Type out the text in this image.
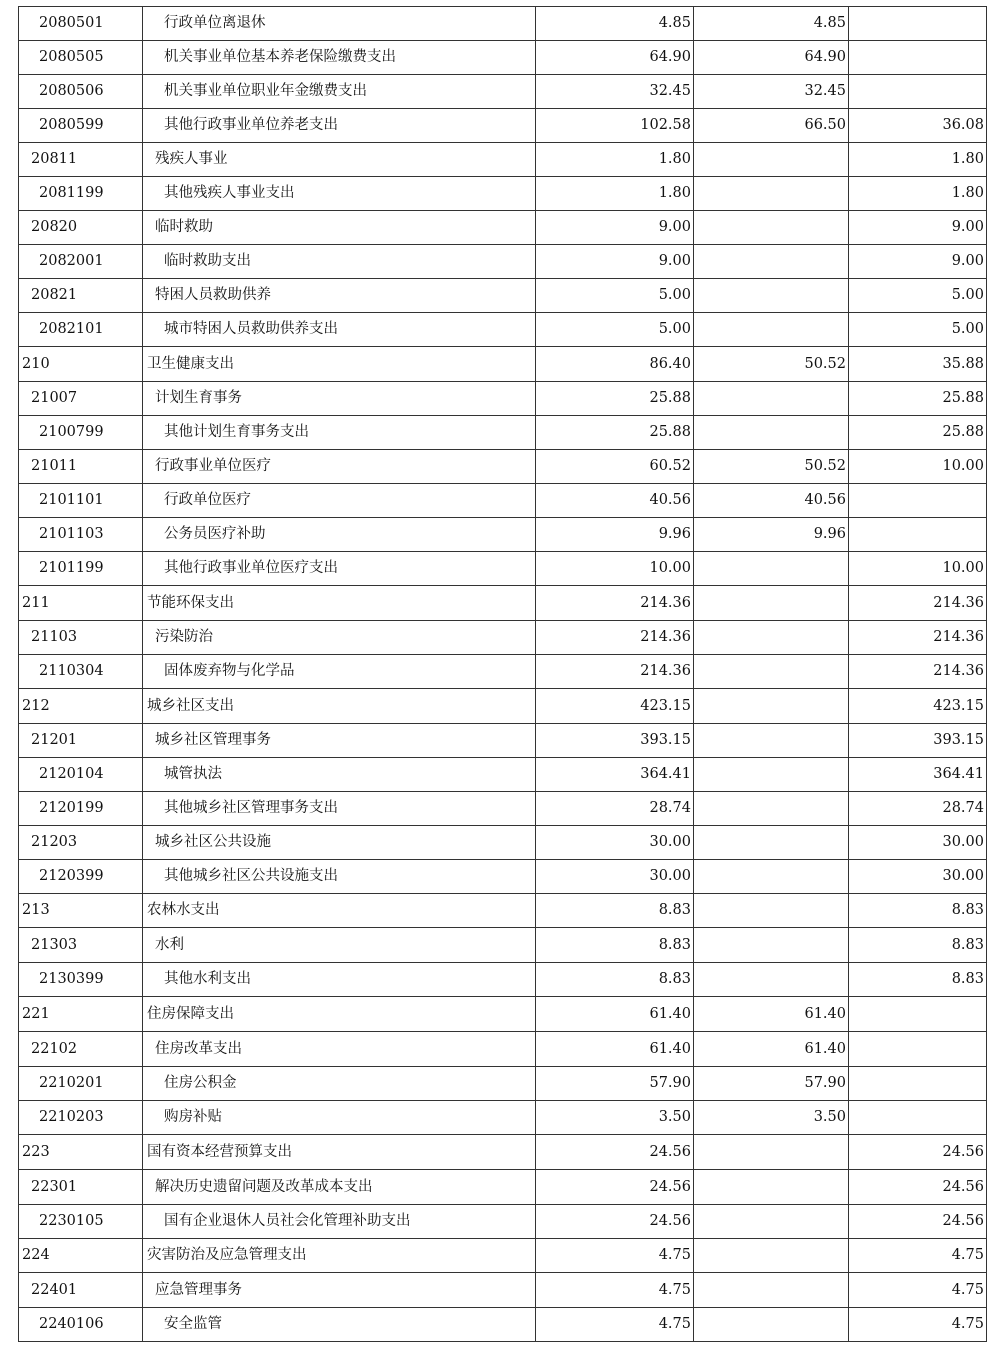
2080501	行政单位离退休	4.85	4.85	
2080505	机关事业单位基本养老保险缴费支出	64.90	64.90	
2080506	机关事业单位职业年金缴费支出	32.45	32.45	
2080599	其他行政事业单位养老支出	102.58	66.50	36.08
20811	残疾人事业	1.80		1.80
2081199	其他残疾人事业支出	1.80		1.80
20820	临时救助	9.00		9.00
2082001	临时救助支出	9.00		9.00
20821	特困人员救助供养	5.00		5.00
2082101	城市特困人员救助供养支出	5.00		5.00
210	卫生健康支出	86.40	50.52	35.88
21007	计划生育事务	25.88		25.88
2100799	其他计划生育事务支出	25.88		25.88
21011	行政事业单位医疗	60.52	50.52	10.00
2101101	行政单位医疗	40.56	40.56	
2101103	公务员医疗补助	9.96	9.96	
2101199	其他行政事业单位医疗支出	10.00		10.00
211	节能环保支出	214.36		214.36
21103	污染防治	214.36		214.36
2110304	固体废弃物与化学品	214.36		214.36
212	城乡社区支出	423.15		423.15
21201	城乡社区管理事务	393.15		393.15
2120104	城管执法	364.41		364.41
2120199	其他城乡社区管理事务支出	28.74		28.74
21203	城乡社区公共设施	30.00		30.00
2120399	其他城乡社区公共设施支出	30.00		30.00
213	农林水支出	8.83		8.83
21303	水利	8.83		8.83
2130399	其他水利支出	8.83		8.83
221	住房保障支出	61.40	61.40	
22102	住房改革支出	61.40	61.40	
2210201	住房公积金	57.90	57.90	
2210203	购房补贴	3.50	3.50	
223	国有资本经营预算支出	24.56		24.56
22301	解决历史遗留问题及改革成本支出	24.56		24.56
2230105	国有企业退休人员社会化管理补助支出	24.56		24.56
224	灾害防治及应急管理支出	4.75		4.75
22401	应急管理事务	4.75		4.75
2240106	安全监管	4.75		4.75
